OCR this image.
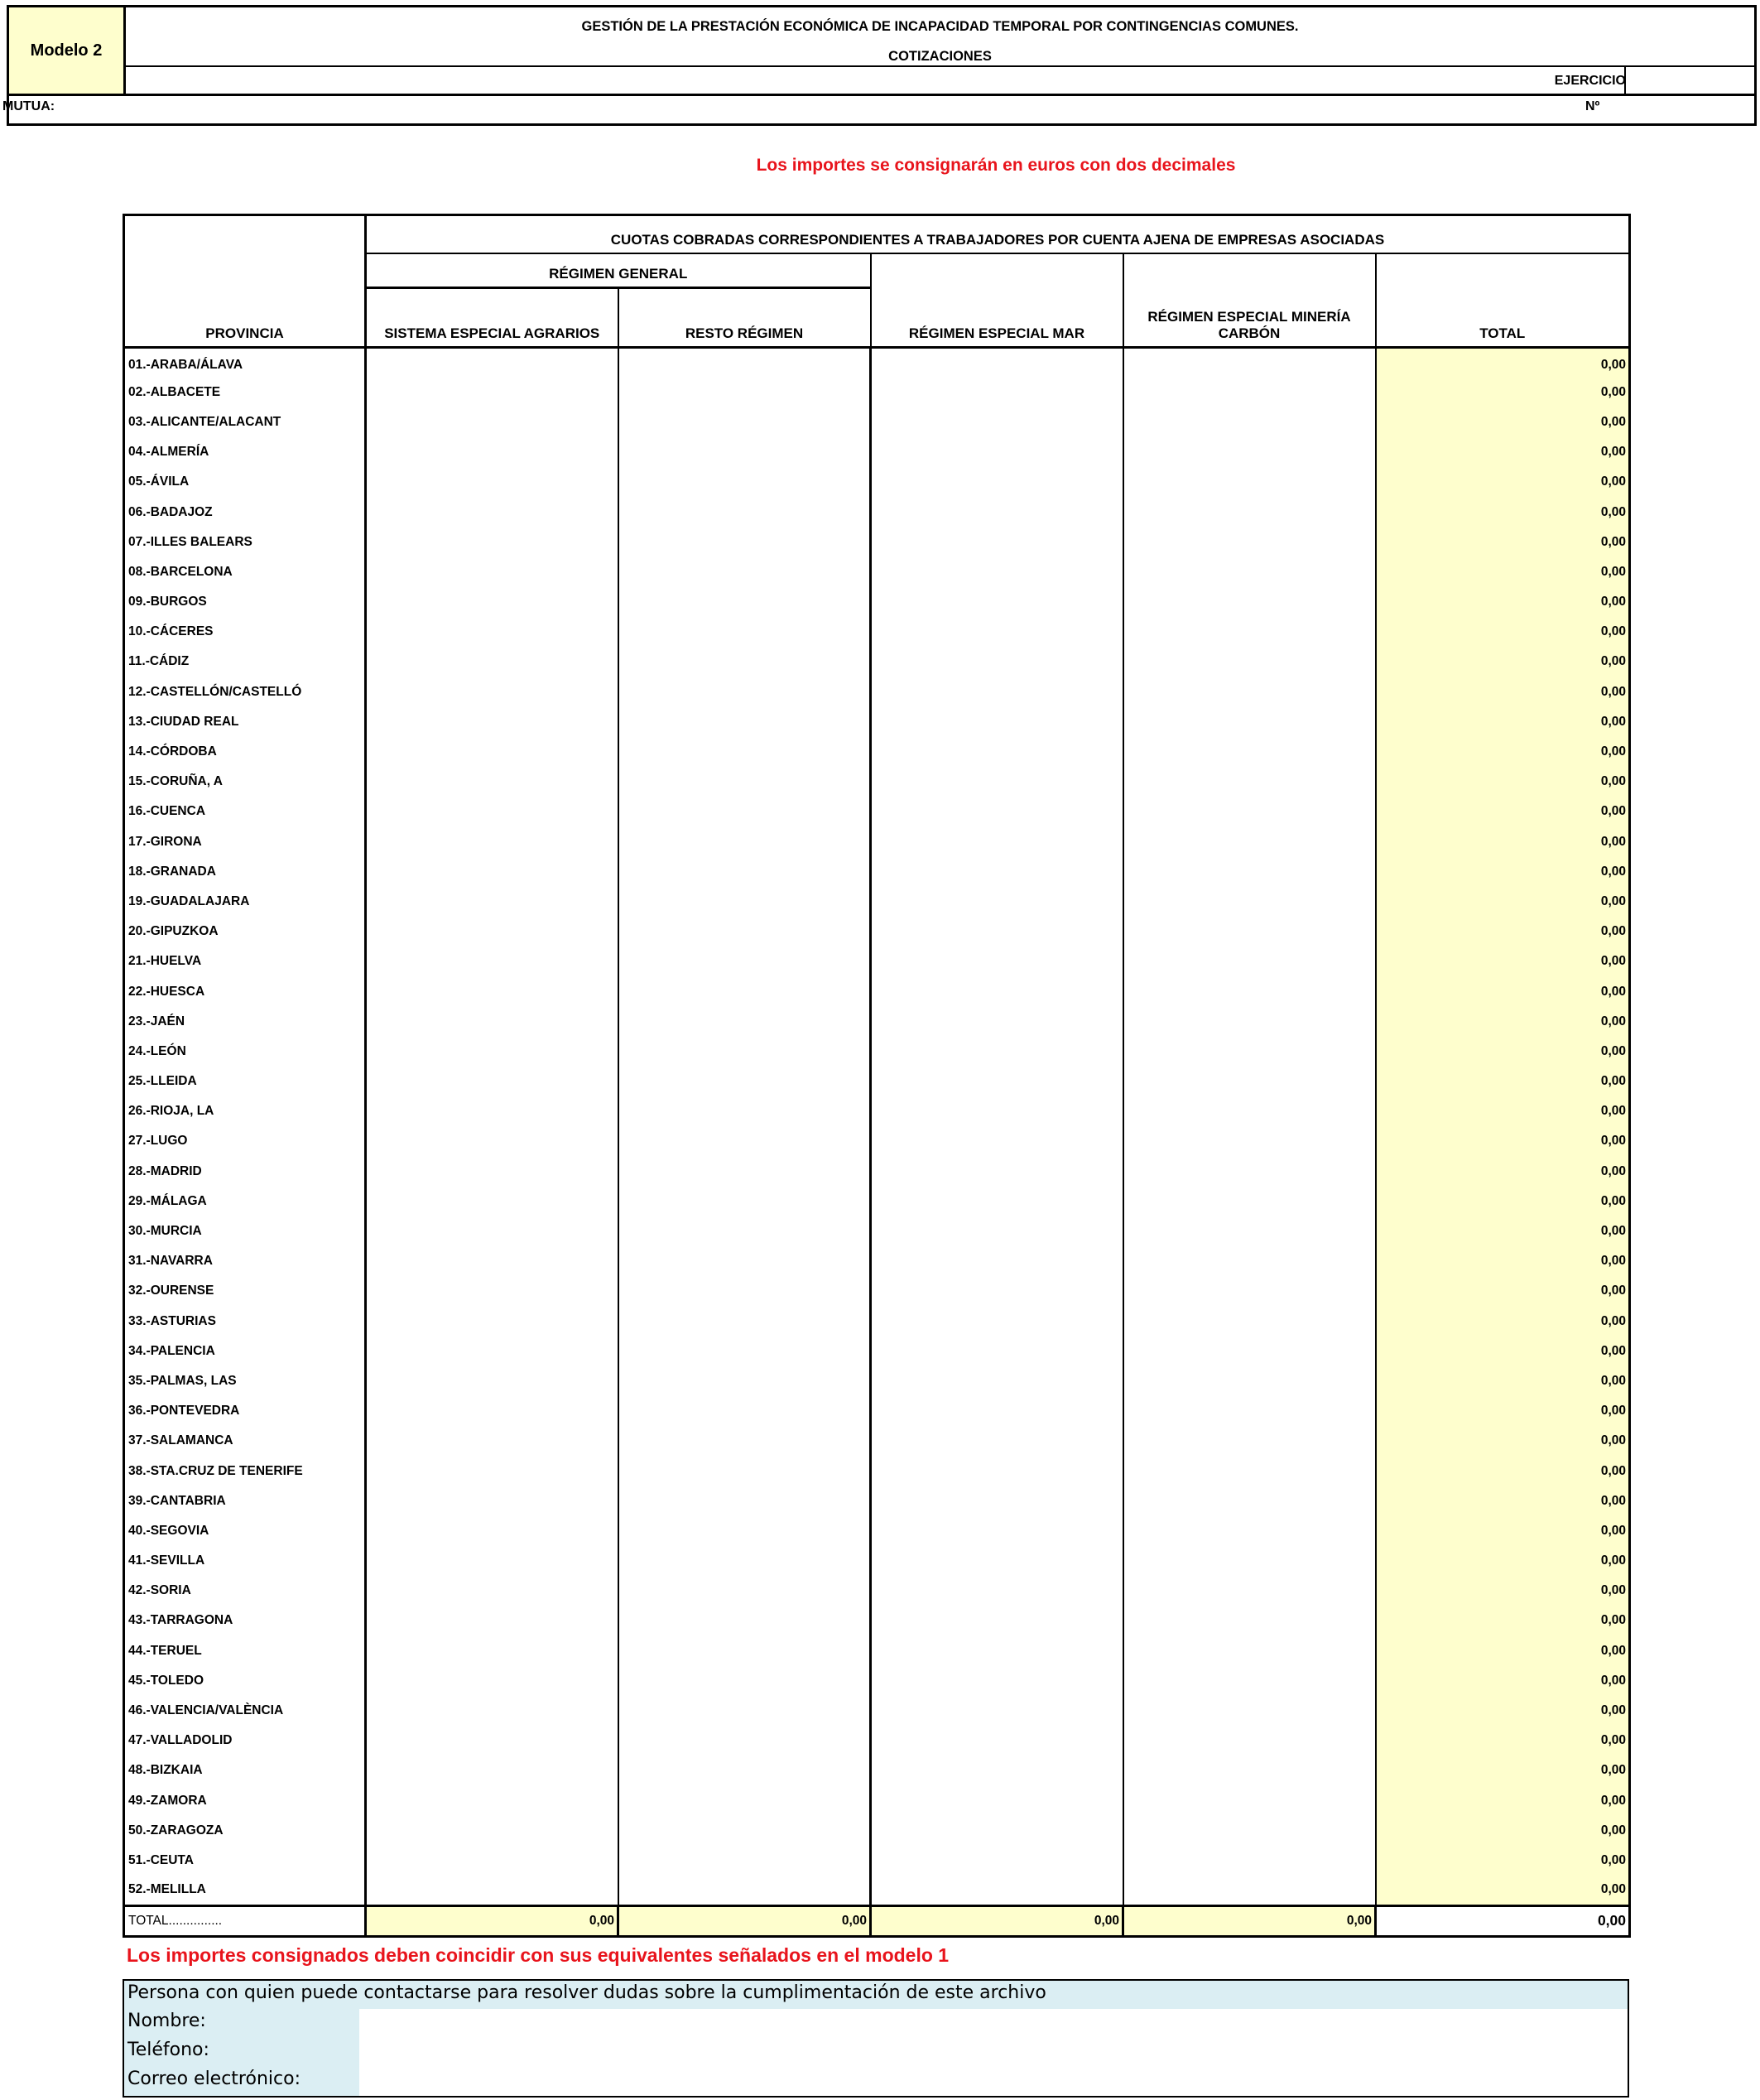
Modelo 2
GESTIÓN DE LA PRESTACIÓN ECONÓMICA DE INCAPACIDAD TEMPORAL POR CONTINGENCIAS COMUNES.
COTIZACIONES
EJERCICIO
MUTUA:	Nº
Los importes se consignarán en euros con dos decimales
PROVINCIA	CUOTAS COBRADAS CORRESPONDIENTES A TRABAJADORES POR CUENTA AJENA DE EMPRESAS ASOCIADAS				
	RÉGIMEN GENERAL		RÉGIMEN ESPECIAL MAR	RÉGIMEN ESPECIAL MINERÍA CARBÓN	TOTAL
	SISTEMA ESPECIAL AGRARIOS	RESTO RÉGIMEN			
01.-ARABA/ÁLAVA					0,00
02.-ALBACETE					0,00
03.-ALICANTE/ALACANT					0,00
04.-ALMERÍA					0,00
05.-ÁVILA					0,00
06.-BADAJOZ					0,00
07.-ILLES BALEARS					0,00
08.-BARCELONA					0,00
09.-BURGOS					0,00
10.-CÁCERES					0,00
11.-CÁDIZ					0,00
12.-CASTELLÓN/CASTELLÓ					0,00
13.-CIUDAD REAL					0,00
14.-CÓRDOBA					0,00
15.-CORUÑA, A					0,00
16.-CUENCA					0,00
17.-GIRONA					0,00
18.-GRANADA					0,00
19.-GUADALAJARA					0,00
20.-GIPUZKOA					0,00
21.-HUELVA					0,00
22.-HUESCA					0,00
23.-JAÉN					0,00
24.-LEÓN					0,00
25.-LLEIDA					0,00
26.-RIOJA, LA					0,00
27.-LUGO					0,00
28.-MADRID					0,00
29.-MÁLAGA					0,00
30.-MURCIA					0,00
31.-NAVARRA					0,00
32.-OURENSE					0,00
33.-ASTURIAS					0,00
34.-PALENCIA					0,00
35.-PALMAS, LAS					0,00
36.-PONTEVEDRA					0,00
37.-SALAMANCA					0,00
38.-STA.CRUZ DE TENERIFE					0,00
39.-CANTABRIA					0,00
40.-SEGOVIA					0,00
41.-SEVILLA					0,00
42.-SORIA					0,00
43.-TARRAGONA					0,00
44.-TERUEL					0,00
45.-TOLEDO					0,00
46.-VALENCIA/VALÈNCIA					0,00
47.-VALLADOLID					0,00
48.-BIZKAIA					0,00
49.-ZAMORA					0,00
50.-ZARAGOZA					0,00
51.-CEUTA					0,00
52.-MELILLA					0,00
TOTAL...............	0,00	0,00	0,00	0,00	0,00
Los importes consignados deben coincidir con sus equivalentes señalados en el modelo 1
Persona con quien puede contactarse para resolver dudas sobre la cumplimentación de este archivo
Nombre:
Teléfono:
Correo electrónico:
